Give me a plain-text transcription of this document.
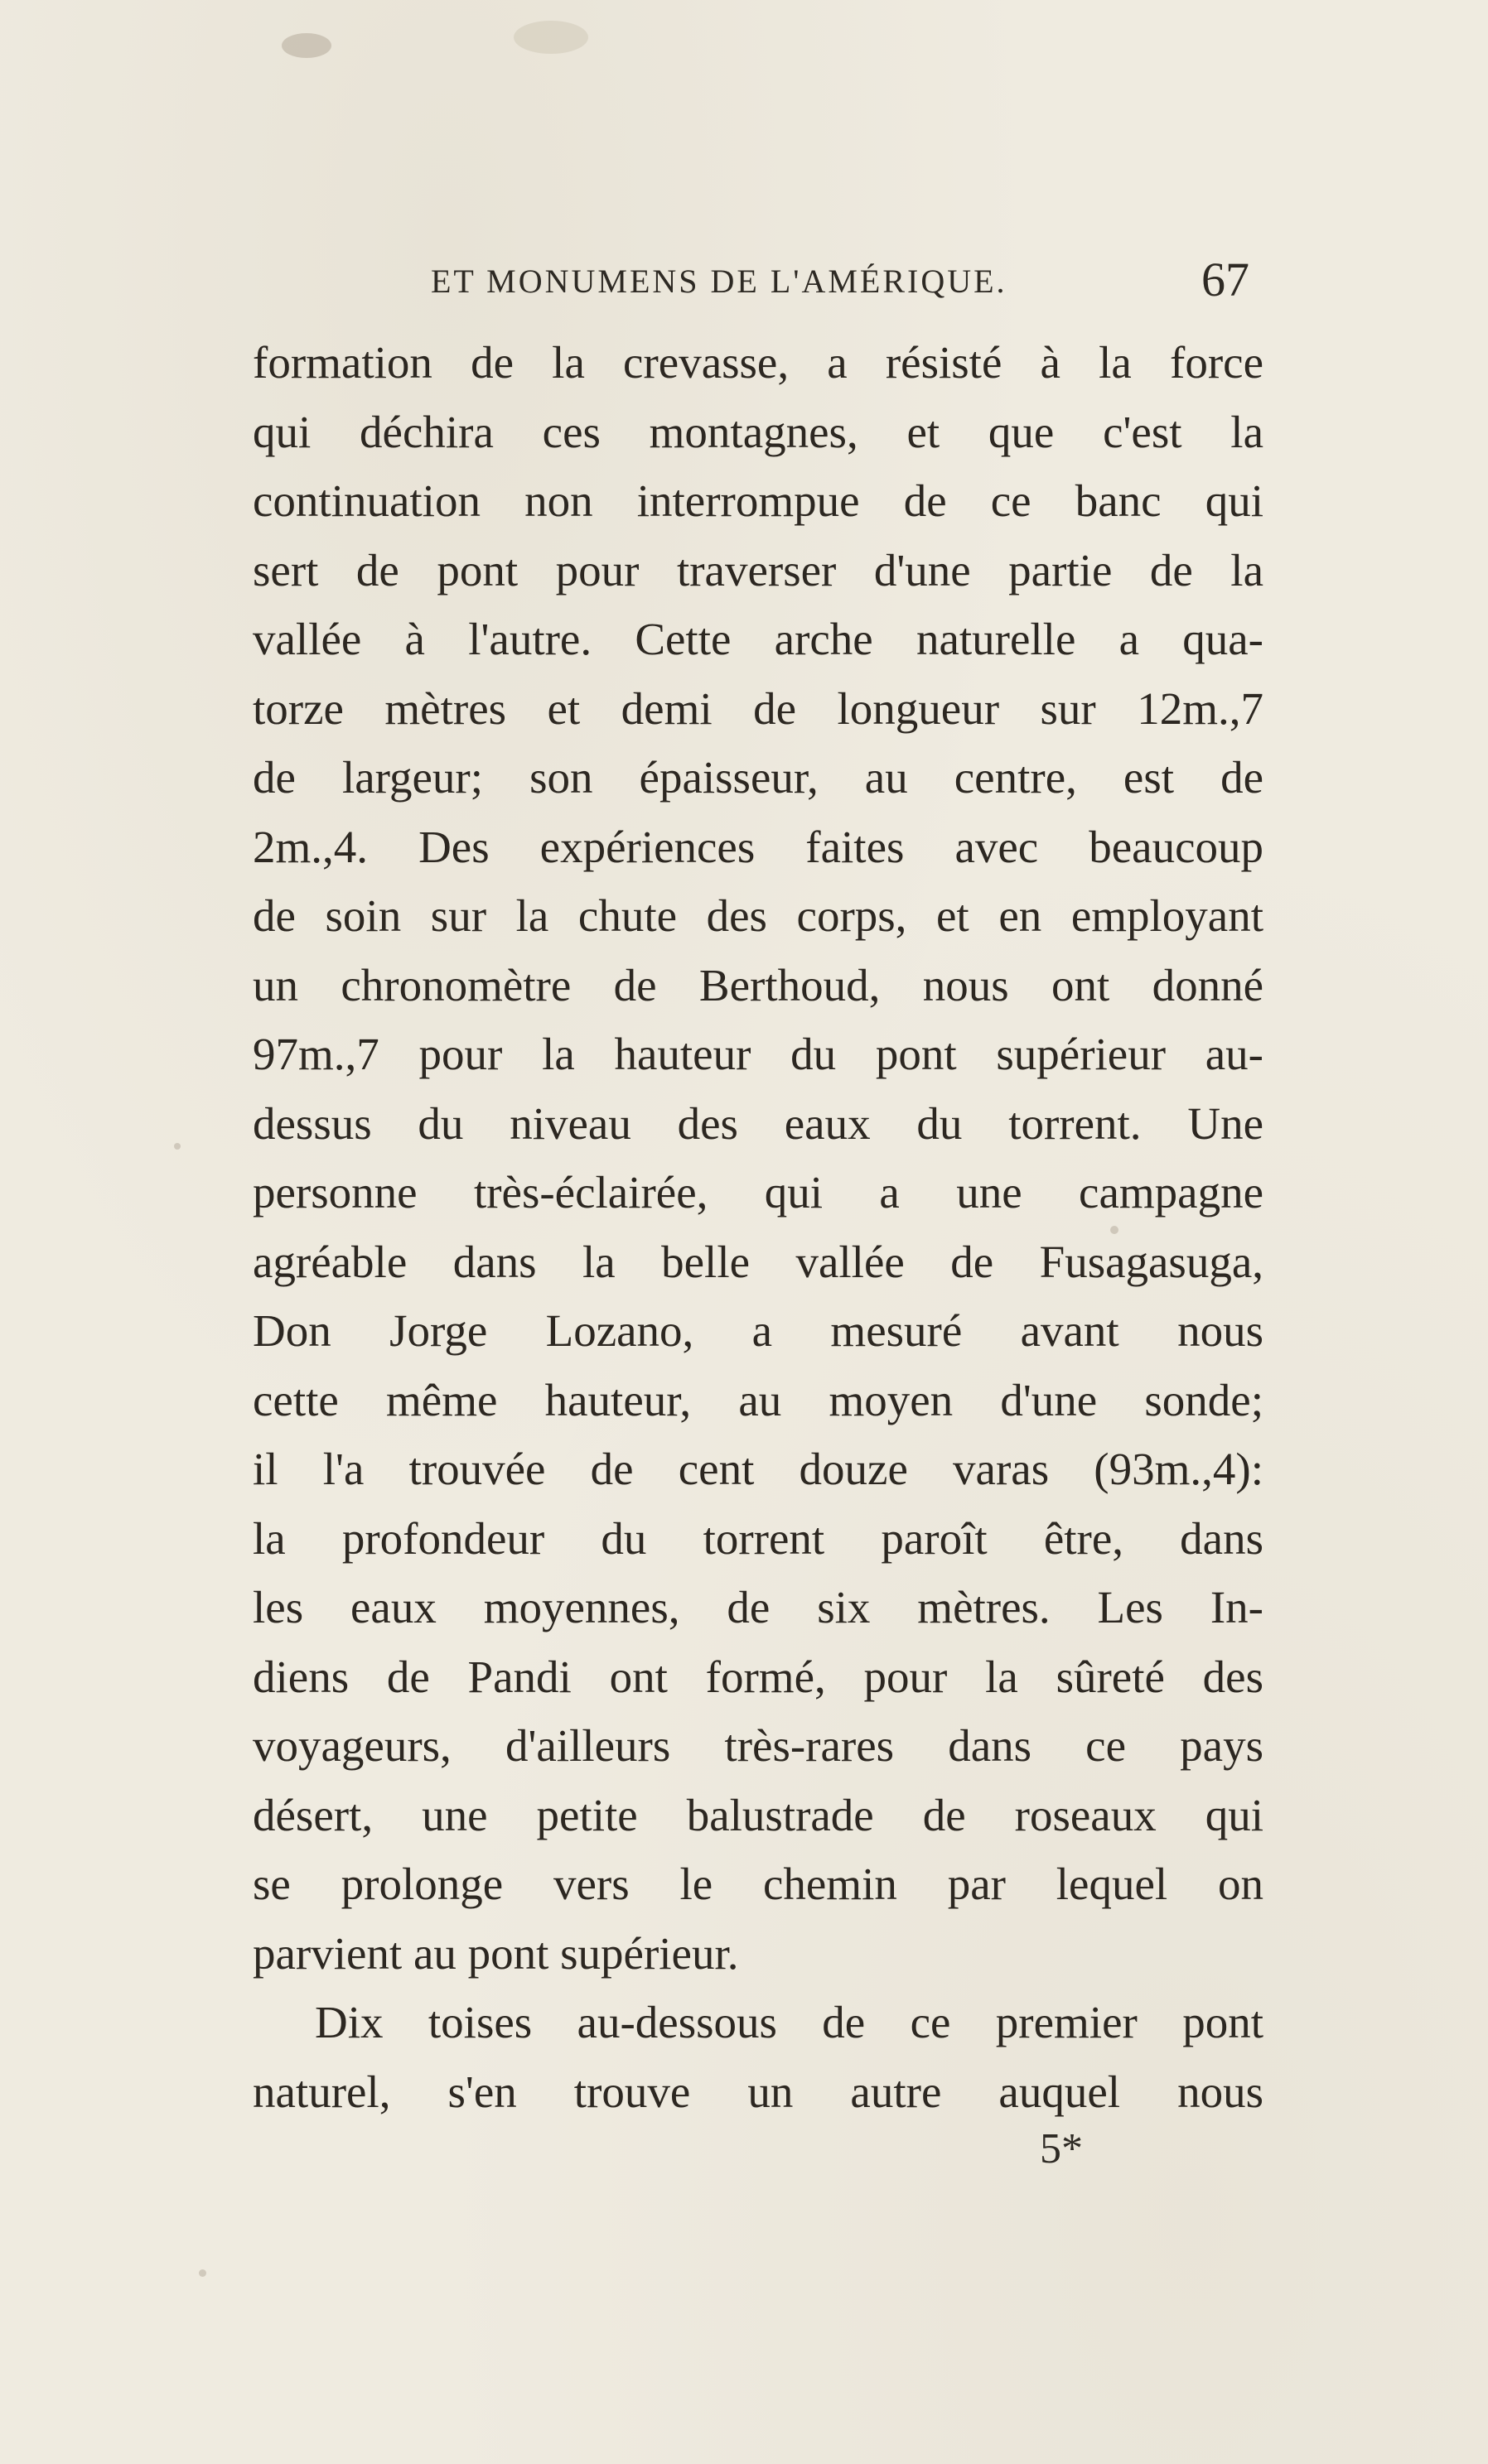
ET MONUMENS DE L'AMÉRIQUE.	67
formation de la crevasse, a résisté à la force
qui déchira ces montagnes, et que c'est la
continuation non interrompue de ce banc qui
sert de pont pour traverser d'une partie de la
vallée à l'autre. Cette arche naturelle a qua-
torze mètres et demi de longueur sur 12m.,7
de largeur; son épaisseur, au centre, est de
2m.,4. Des expériences faites avec beaucoup
de soin sur la chute des corps, et en employant
un chronomètre de Berthoud, nous ont donné
97m.,7 pour la hauteur du pont supérieur au-
dessus du niveau des eaux du torrent. Une
personne très-éclairée, qui a une campagne
agréable dans la belle vallée de Fusagasuga,
Don Jorge Lozano, a mesuré avant nous
cette même hauteur, au moyen d'une sonde;
il l'a trouvée de cent douze varas (93m.,4):
la profondeur du torrent paroît être, dans
les eaux moyennes, de six mètres. Les In-
diens de Pandi ont formé, pour la sûreté des
voyageurs, d'ailleurs très-rares dans ce pays
désert, une petite balustrade de roseaux qui
se prolonge vers le chemin par lequel on
parvient au pont supérieur.
Dix toises au-dessous de ce premier pont
naturel, s'en trouve un autre auquel nous
5*
